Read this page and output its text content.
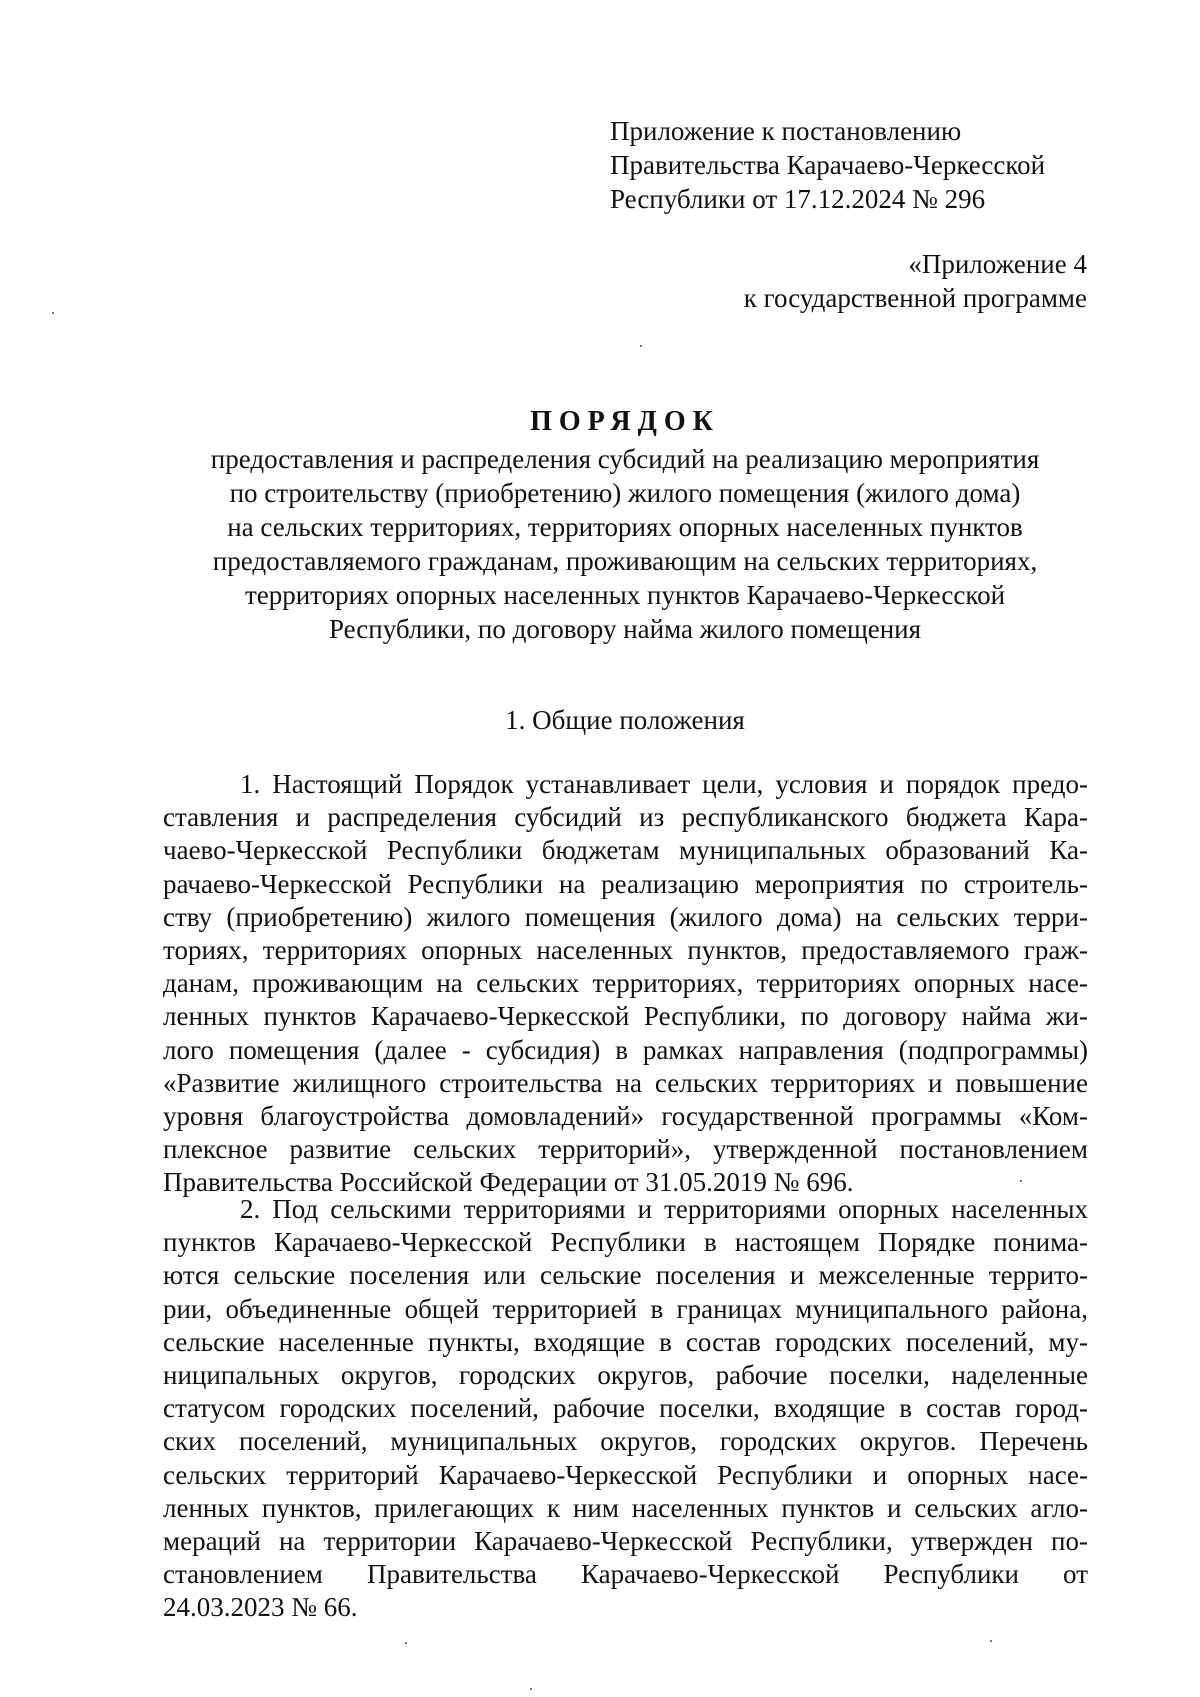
Приложение к постановлению
Правительства Карачаево-Черкесской
Республики от 17.12.2024 № 296
«Приложение 4
к государственной программе
ПОРЯДОК
предоставления и распределения субсидий на реализацию мероприятия
по строительству (приобретению) жилого помещения (жилого дома)
на сельских территориях, территориях опорных населенных пунктов
предоставляемого гражданам, проживающим на сельских территориях,
территориях опорных населенных пунктов Карачаево-Черкесской
Республики, по договору найма жилого помещения
1. Общие положения
1. Настоящий Порядок устанавливает цели, условия и порядок предо-
ставления и распределения субсидий из республиканского бюджета Кара-
чаево-Черкесской Республики бюджетам муниципальных образований Ка-
рачаево-Черкесской Республики на реализацию мероприятия по строитель-
ству (приобретению) жилого помещения (жилого дома) на сельских терри-
ториях, территориях опорных населенных пунктов, предоставляемого граж-
данам, проживающим на сельских территориях, территориях опорных насе-
ленных пунктов Карачаево-Черкесской Республики, по договору найма жи-
лого помещения (далее - субсидия) в рамках направления (подпрограммы)
«Развитие жилищного строительства на сельских территориях и повышение
уровня благоустройства домовладений» государственной программы «Ком-
плексное развитие сельских территорий», утвержденной постановлением
Правительства Российской Федерации от 31.05.2019 № 696.
2. Под сельскими территориями и территориями опорных населенных
пунктов Карачаево-Черкесской Республики в настоящем Порядке понима-
ются сельские поселения или сельские поселения и межселенные террито-
рии, объединенные общей территорией в границах муниципального района,
сельские населенные пункты, входящие в состав городских поселений, му-
ниципальных округов, городских округов, рабочие поселки, наделенные
статусом городских поселений, рабочие поселки, входящие в состав город-
ских поселений, муниципальных округов, городских округов. Перечень
сельских территорий Карачаево-Черкесской Республики и опорных насе-
ленных пунктов, прилегающих к ним населенных пунктов и сельских агло-
мераций на территории Карачаево-Черкесской Республики, утвержден по-
становлением Правительства Карачаево-Черкесской Республики от
24.03.2023 № 66.
